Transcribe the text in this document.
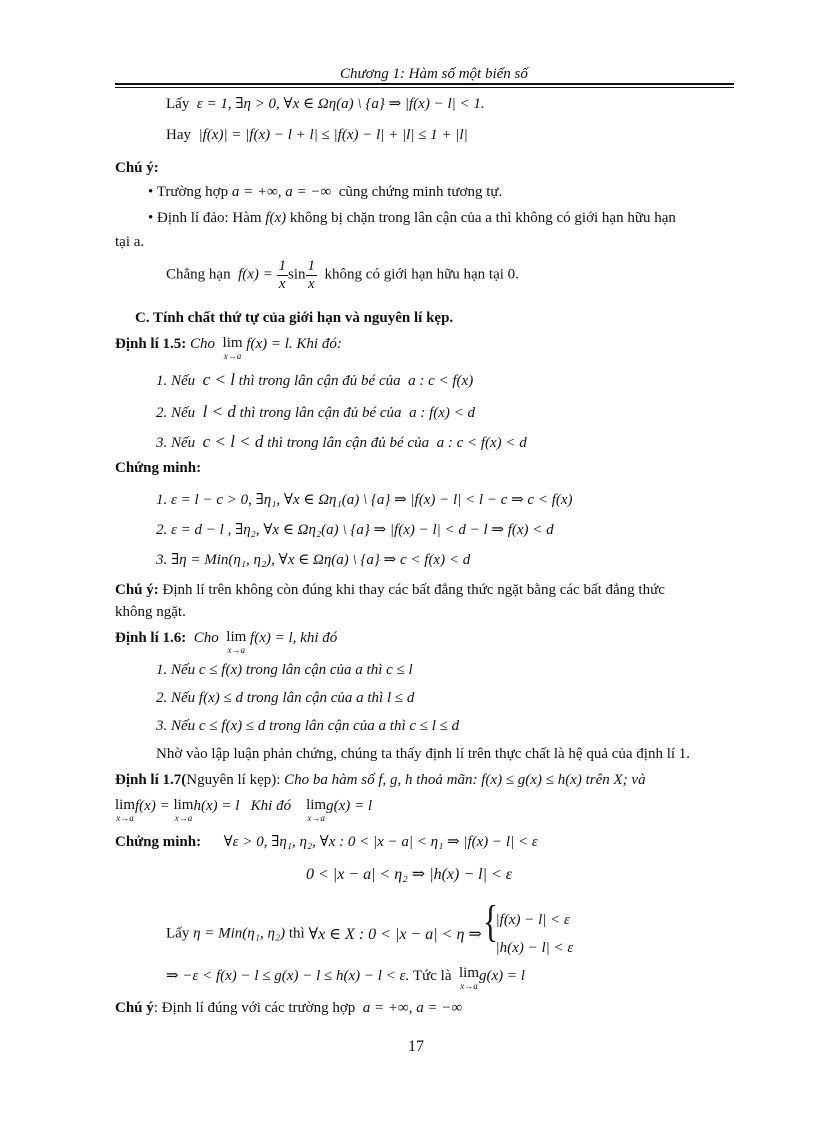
Chương 1: Hàm số một biến số
Lấy ε = 1, ∃η > 0, ∀x ∈ Ωη(a) \ {a} ⇒ |f(x) − l| < 1.
Hay |f(x)| = |f(x) − l + l| ≤ |f(x) − l| + |l| ≤ 1 + |l|
Chú ý:
• Trường hợp a = +∞, a = −∞ cũng chứng minh tương tự.
• Định lí đảo: Hàm f(x) không bị chặn trong lân cận của a thì không có giới hạn hữu hạn
tại a.
Chẳng hạn $f(x) = \frac{1}{x}$ $\sin \frac{1}{x}$ không có giới hạn hữu hạn tại 0.
C. Tính chất thứ tự của giới hạn và nguyên lí kẹp.
Định lí 1.5: Cho lim
x→a
f(x) = l. Khi đó:
1. Nếu c < l thì trong lân cận đủ bé của a : c < f(x)
2. Nếu l < d thì trong lân cận đủ bé của a : f(x) < d
3. Nếu c < l < d thì trong lân cận đủ bé của a : c < f(x) < d
Chứng minh:
1. ε = l − c > 0, ∃η₁, ∀x ∈ Ωη₁(a) \ {a} ⇒ |f(x) − l| < l − c ⇒ c < f(x)
2. ε = d − l , ∃η₂, ∀x ∈ Ωη₂(a) \ {a} ⇒ |f(x) − l| < d − l ⇒ f(x) < d
3. ∃η = Min(η₁, η₂), ∀x ∈ Ωη(a) \ {a} ⇒ c < f(x) < d
Chú ý: Định lí trên không còn đúng khi thay các bất đẳng thức ngặt bằng các bất đẳng thức
không ngặt.
Định lí 1.6: Cho lim
x→a
f(x) = l, khi đó
1. Nếu c ≤ f(x) trong lân cận của a thì c ≤ l
2. Nếu f(x) ≤ d trong lân cận của a thì l ≤ d
3. Nếu c ≤ f(x) ≤ d trong lân cận của a thì c ≤ l ≤ d
Nhờ vào lập luận phản chứng, chúng ta thấy định lí trên thực chất là hệ quả của định lí 1.
Định lí 1.7(Nguyên lí kẹp): Cho ba hàm số f, g, h thoả mãn: f(x) ≤ g(x) ≤ h(x) trên X; và
lim
x→a
f(x) = lim
x→a
h(x) = l Khi đó lim
x→a
g(x) = l
Chứng minh: ∀ε > 0, ∃η₁, η₂, ∀x : 0 < |x − a| < η₁ ⇒ |f(x) − l| < ε
0 < |x − a| < η₂ ⇒ |h(x) − l| < ε
Lấy η = Min(η₁, η₂) thì ∀x ∈ X : 0 < |x − a| < η ⇒ {
|f(x) − l| < ε
|h(x) − l| < ε
⇒ −ε < f(x) − l ≤ g(x) − l ≤ h(x) − l < ε. Tức là lim
x→a
g(x) = l
Chú ý: Định lí đúng với các trường hợp a = +∞, a = −∞
17
